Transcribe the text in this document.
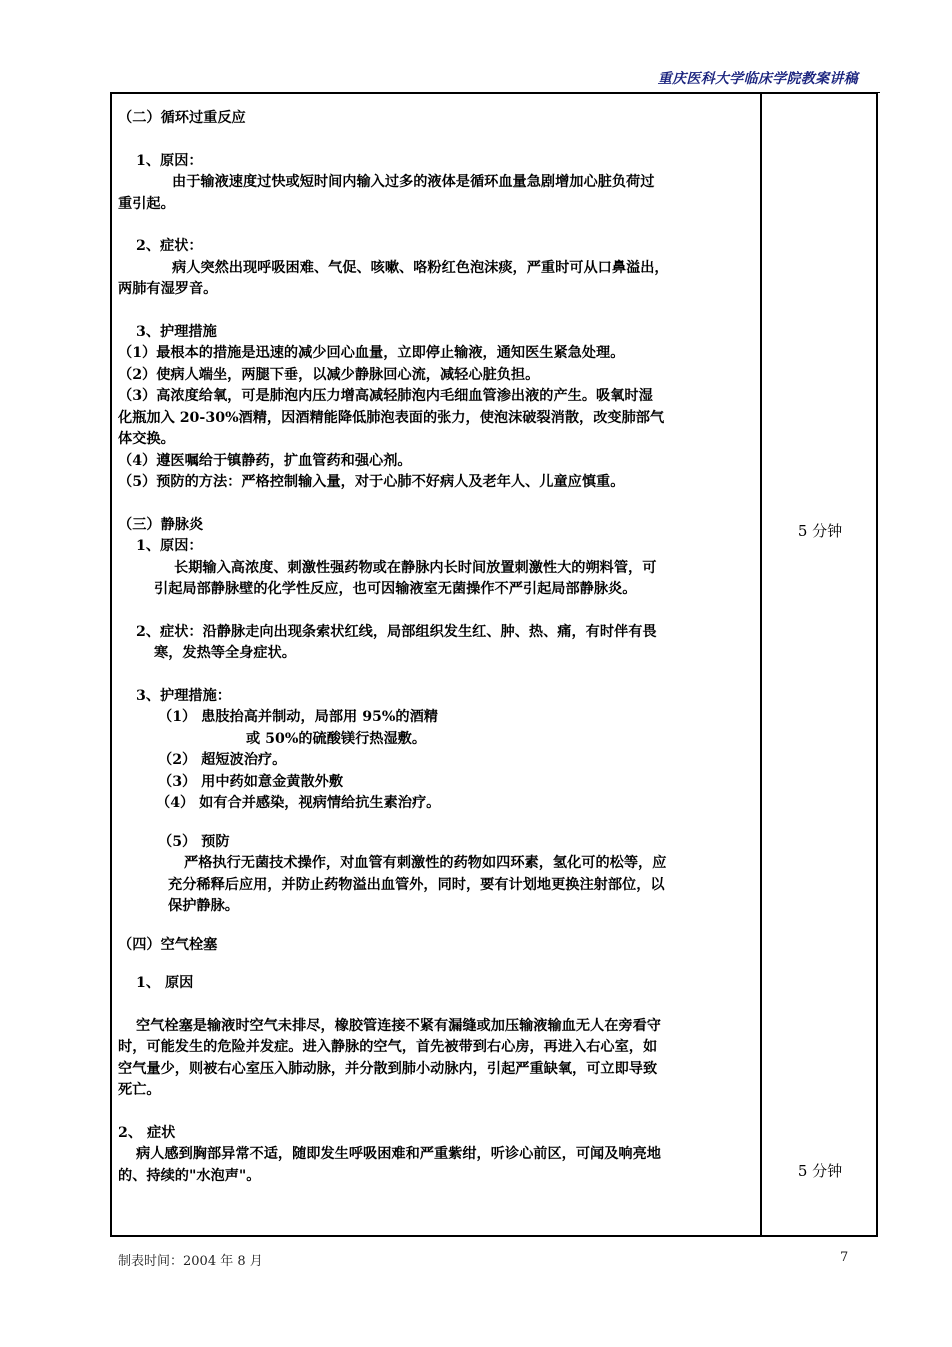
重庆医科大学临床学院教案讲稿

（二）循环过重反应

1、原因：

由于输液速度过快或短时间内输入过多的液体是循环血量急剧增加心脏负荷过

重引起。

2、症状：

病人突然出现呼吸困难、气促、咳嗽、咯粉红色泡沫痰，严重时可从口鼻溢出，

两肺有湿罗音。

3、护理措施

（1）最根本的措施是迅速的减少回心血量，立即停止输液，通知医生紧急处理。

（2）使病人端坐，两腿下垂，以减少静脉回心流，减轻心脏负担。

（3）高浓度给氧，可是肺泡内压力增高减轻肺泡内毛细血管渗出液的产生。吸氧时湿

化瓶加入 20-30%酒精，因酒精能降低肺泡表面的张力，使泡沫破裂消散，改变肺部气

体交换。

（4）遵医嘱给于镇静药，扩血管药和强心剂。

（5）预防的方法：严格控制输入量，对于心肺不好病人及老年人、儿童应慎重。

（三）静脉炎

1、原因：

长期输入高浓度、刺激性强药物或在静脉内长时间放置刺激性大的朔料管，可

引起局部静脉壁的化学性反应，也可因输液室无菌操作不严引起局部静脉炎。

2、症状：沿静脉走向出现条索状红线，局部组织发生红、肿、热、痛，有时伴有畏

寒，发热等全身症状。

3、护理措施：

（1） 患肢抬高并制动，局部用 95%的酒精

或 50%的硫酸镁行热湿敷。

（2） 超短波治疗。

（3） 用中药如意金黄散外敷

（4） 如有合并感染，视病情给抗生素治疗。

（5） 预防

严格执行无菌技术操作，对血管有刺激性的药物如四环素，氢化可的松等，应

充分稀释后应用，并防止药物溢出血管外，同时，要有计划地更换注射部位，以

保护静脉。

（四）空气栓塞

1、 原因

空气栓塞是输液时空气未排尽，橡胶管连接不紧有漏缝或加压输液输血无人在旁看守

时，可能发生的危险并发症。进入静脉的空气，首先被带到右心房，再进入右心室，如

空气量少，则被右心室压入肺动脉，并分散到肺小动脉内，引起严重缺氧，可立即导致

死亡。

2、 症状

病人感到胸部异常不适，随即发生呼吸困难和严重紫绀，听诊心前区，可闻及响亮地

的、持续的"水泡声"。

5 分钟
5 分钟
制表时间：2004 年 8 月	7
